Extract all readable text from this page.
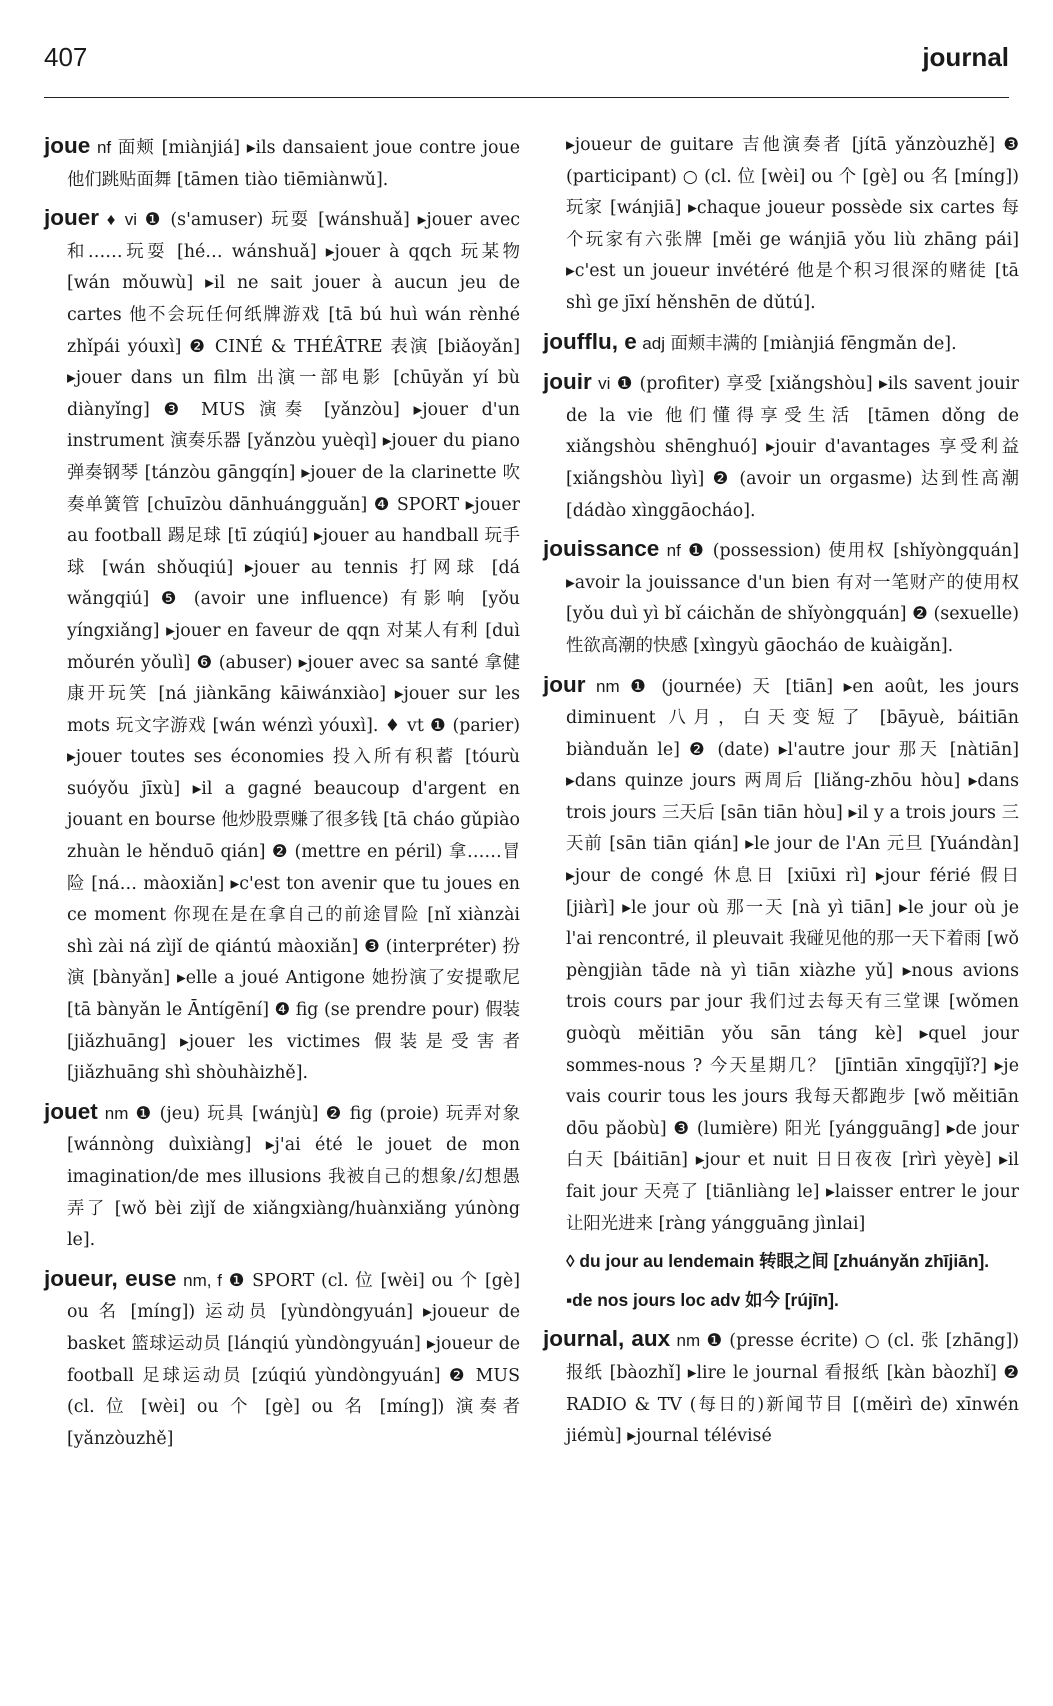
407	journal

joue nf 面颊 [miànjiá] ▸ils dansaient joue contre joue 他们跳贴面舞 [tāmen tiào tiēmiànwǔ].

jouer ♦ vi ❶ (s'amuser) 玩耍 [wánshuǎ] ▸jouer avec 和……玩耍 [hé… wánshuǎ] ▸jouer à qqch 玩某物 [wán mǒuwù] ▸il ne sait jouer à aucun jeu de cartes 他不会玩任何纸牌游戏 [tā bú huì wán rènhé zhǐpái yóuxì] ❷ CINÉ & THÉÂTRE 表演 [biǎoyǎn] ▸jouer dans un film 出演一部电影 [chūyǎn yí bù diànyǐng] ❸ MUS 演奏 [yǎnzòu] ▸jouer d'un instrument 演奏乐器 [yǎnzòu yuèqì] ▸jouer du piano 弹奏钢琴 [tánzòu gāngqín] ▸jouer de la clarinette 吹奏单簧管 [chuīzòu dānhuángguǎn] ❹ SPORT ▸jouer au football 踢足球 [tī zúqiú] ▸jouer au handball 玩手球 [wán shǒuqiú] ▸jouer au tennis 打网球 [dá wǎngqiú] ❺ (avoir une influence) 有影响 [yǒu yíngxiǎng] ▸jouer en faveur de qqn 对某人有利 [duì mǒurén yǒulì] ❻ (abuser) ▸jouer avec sa santé 拿健康开玩笑 [ná jiànkāng kāiwánxiào] ▸jouer sur les mots 玩文字游戏 [wán wénzì yóuxì]. ♦ vt ❶ (parier) ▸jouer toutes ses économies 投入所有积蓄 [tóurù suóyǒu jīxù] ▸il a gagné beaucoup d'argent en jouant en bourse 他炒股票赚了很多钱 [tā cháo gǔpiào zhuàn le hěnduō qián] ❷ (mettre en péril) 拿……冒险 [ná… màoxiǎn] ▸c'est ton avenir que tu joues en ce moment 你现在是在拿自己的前途冒险 [nǐ xiànzài shì zài ná zìjǐ de qiántú màoxiǎn] ❸ (interpréter) 扮演 [bànyǎn] ▸elle a joué Antigone 她扮演了安提歌尼 [tā bànyǎn le Āntígēní] ❹ fig (se prendre pour) 假装 [jiǎzhuāng] ▸jouer les victimes 假装是受害者 [jiǎzhuāng shì shòuhàizhě].

jouet nm ❶ (jeu) 玩具 [wánjù] ❷ fig (proie) 玩弄对象 [wánnòng duìxiàng] ▸j'ai été le jouet de mon imagination/de mes illusions 我被自己的想象/幻想愚弄了 [wǒ bèi zìjǐ de xiǎngxiàng/huànxiǎng yúnòng le].

joueur, euse nm, f ❶ SPORT (cl. 位 [wèi] ou 个 [gè] ou 名 [míng]) 运动员 [yùndòngyuán] ▸joueur de basket 篮球运动员 [lánqiú yùndòngyuán] ▸joueur de football 足球运动员 [zúqiú yùndòngyuán] ❷ MUS (cl. 位 [wèi] ou 个 [gè] ou 名 [míng]) 演奏者 [yǎnzòuzhě]

▸joueur de guitare 吉他演奏者 [jítā yǎnzòuzhě] ❸ (participant) ○ (cl. 位 [wèi] ou 个 [gè] ou 名 [míng]) 玩家 [wánjiā] ▸chaque joueur possède six cartes 每个玩家有六张牌 [měi ge wánjiā yǒu liù zhāng pái] ▸c'est un joueur invétéré 他是个积习很深的赌徒 [tā shì ge jīxí hěnshēn de dǔtú].

joufflu, e adj 面颊丰满的 [miànjiá fēngmǎn de].

jouir vi ❶ (profiter) 享受 [xiǎngshòu] ▸ils savent jouir de la vie 他们懂得享受生活 [tāmen dǒng de xiǎngshòu shēnghuó] ▸jouir d'avantages 享受利益 [xiǎngshòu lìyì] ❷ (avoir un orgasme) 达到性高潮 [dádào xìnggāocháo].

jouissance nf ❶ (possession) 使用权 [shǐyòngquán] ▸avoir la jouissance d'un bien 有对一笔财产的使用权 [yǒu duì yì bǐ cáichǎn de shǐyòngquán] ❷ (sexuelle) 性欲高潮的快感 [xìngyù gāocháo de kuàigǎn].

jour nm ❶ (journée) 天 [tiān] ▸en août, les jours diminuent 八月，白天变短了 [bāyuè, báitiān biànduǎn le] ❷ (date) ▸l'autre jour 那天 [nàtiān] ▸dans quinze jours 两周后 [liǎng-zhōu hòu] ▸dans trois jours 三天后 [sān tiān hòu] ▸il y a trois jours 三天前 [sān tiān qián] ▸le jour de l'An 元旦 [Yuándàn] ▸jour de congé 休息日 [xiūxi rì] ▸jour férié 假日 [jiàrì] ▸le jour où 那一天 [nà yì tiān] ▸le jour où je l'ai rencontré, il pleuvait 我碰见他的那一天下着雨 [wǒ pèngjiàn tāde nà yì tiān xiàzhe yǔ] ▸nous avions trois cours par jour 我们过去每天有三堂课 [wǒmen guòqù měitiān yǒu sān táng kè] ▸quel jour sommes-nous ? 今天星期几？ [jīntiān xīngqījǐ?] ▸je vais courir tous les jours 我每天都跑步 [wǒ měitiān dōu pǎobù] ❸ (lumière) 阳光 [yángguāng] ▸de jour 白天 [báitiān] ▸jour et nuit 日日夜夜 [rìrì yèyè] ▸il fait jour 天亮了 [tiānliàng le] ▸laisser entrer le jour 让阳光进来 [ràng yángguāng jìnlai]

◊ du jour au lendemain 转眼之间 [zhuányǎn zhījiān].

▪de nos jours loc adv 如今 [rújīn].

journal, aux nm ❶ (presse écrite) ○ (cl. 张 [zhāng]) 报纸 [bàozhǐ] ▸lire le journal 看报纸 [kàn bàozhǐ] ❷ RADIO & TV (每日的)新闻节目 [(měirì de) xīnwén jiémù] ▸journal télévisé
